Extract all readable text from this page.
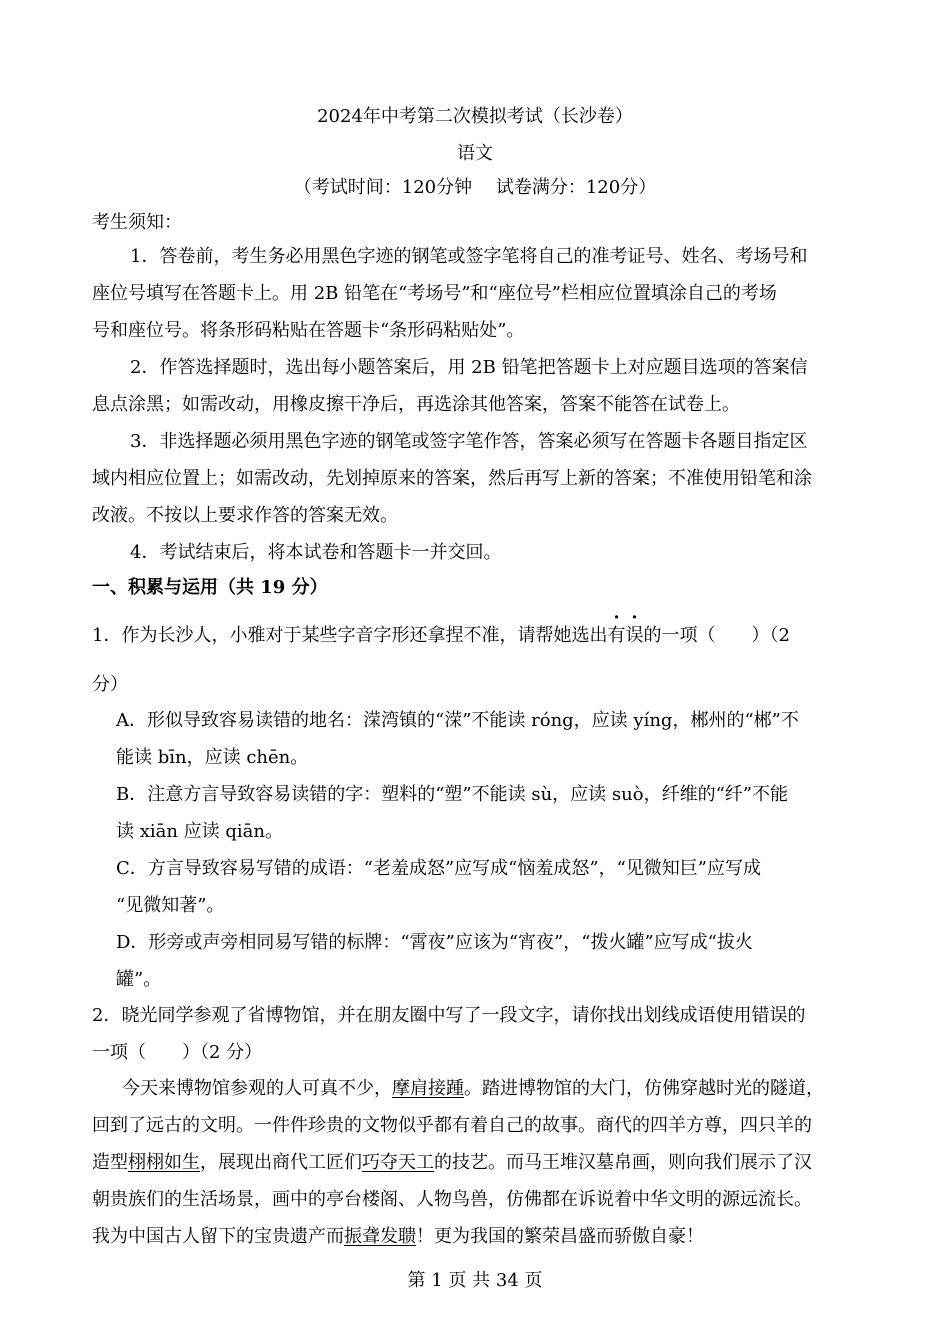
2024年中考第二次模拟考试（长沙卷）
语文
（考试时间：120分钟　 试卷满分：120分）
考生须知：
1．答卷前，考生务必用黑色字迹的钢笔或签字笔将自己的准考证号、姓名、考场号和
座位号填写在答题卡上。用 2B 铅笔在“考场号”和“座位号”栏相应位置填涂自己的考场
号和座位号。将条形码粘贴在答题卡“条形码粘贴处”。
2．作答选择题时，选出每小题答案后，用 2B 铅笔把答题卡上对应题目选项的答案信
息点涂黑；如需改动，用橡皮擦干净后，再选涂其他答案，答案不能答在试卷上。
3．非选择题必须用黑色字迹的钢笔或签字笔作答，答案必须写在答题卡各题目指定区
域内相应位置上；如需改动，先划掉原来的答案，然后再写上新的答案；不准使用铅笔和涂
改液。不按以上要求作答的答案无效。
4．考试结束后，将本试卷和答题卡一并交回。
一、积累与运用（共 19 分）
1．作为长沙人，小雅对于某些字音字形还拿捏不准，请帮她选出有误的一项（　　）（2
分）
A．形似导致容易读错的地名：溁湾镇的“溁”不能读 róng，应读 yíng，郴州的“郴”不
能读 bīn，应读 chēn。
B．注意方言导致容易读错的字：塑料的“塑”不能读 sù，应读 suò，纤维的“纤”不能
读 xiān 应读 qiān。
C．方言导致容易写错的成语：“老羞成怒”应写成“恼羞成怒”，“见微知巨”应写成
“见微知著”。
D．形旁或声旁相同易写错的标牌：“霄夜”应该为“宵夜”，“拨火罐”应写成“拔火
罐”。
2．晓光同学参观了省博物馆，并在朋友圈中写了一段文字，请你找出划线成语使用错误的
一项（　　）（2 分）
今天来博物馆参观的人可真不少，摩肩接踵。踏进博物馆的大门，仿佛穿越时光的隧道，
回到了远古的文明。一件件珍贵的文物似乎都有着自己的故事。商代的四羊方尊，四只羊的
造型栩栩如生，展现出商代工匠们巧夺天工的技艺。而马王堆汉墓帛画，则向我们展示了汉
朝贵族们的生活场景，画中的亭台楼阁、人物鸟兽，仿佛都在诉说着中华文明的源远流长。
我为中国古人留下的宝贵遗产而振聋发聩！更为我国的繁荣昌盛而骄傲自豪！
第 1 页 共 34 页
